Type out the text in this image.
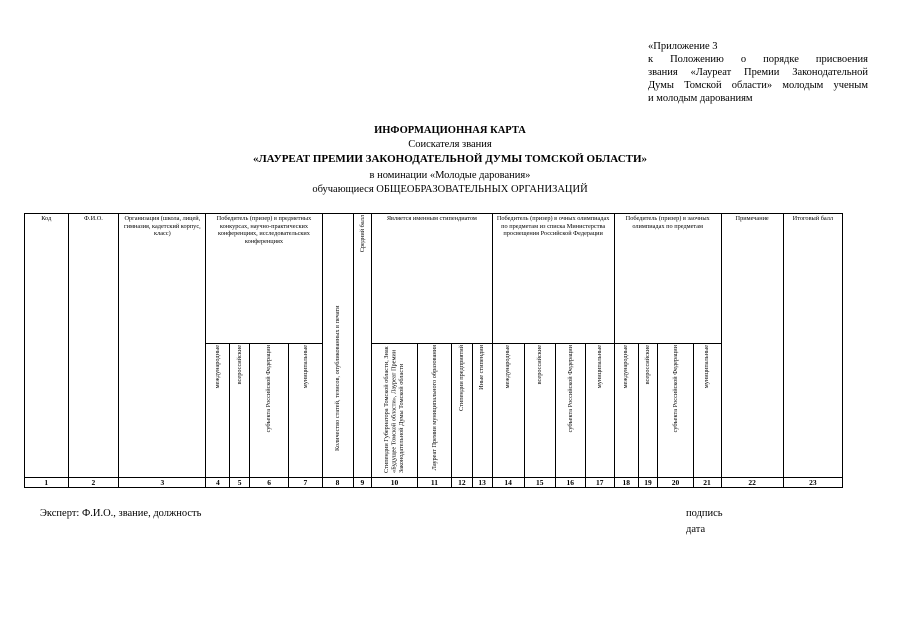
«Приложение 3
к Положению о порядке присвоения
звания «Лауреат Премии Законодательной
Думы Томской области» молодым ученым
и молодым дарованиям
ИНФОРМАЦИОННАЯ КАРТА
Соискателя звания
«ЛАУРЕАТ ПРЕМИИ ЗАКОНОДАТЕЛЬНОЙ ДУМЫ ТОМСКОЙ ОБЛАСТИ»
в номинации «Молодые дарования»
обучающиеся ОБЩЕОБРАЗОВАТЕЛЬНЫХ ОРГАНИЗАЦИЙ
Код	Ф.И.О.	Организация (школа, лицей, гимназия, кадетский корпус, класс)	Победитель (призер) в предметных конкурсах, научно-практических конференциях, исследовательских конференциях				Количество статей, тезисов, опубликованных в печати	Средний балл	Является именным стипендиатом				Победитель (призер) в очных олимпиадах по предметам из списка Министерства просвещения Российской Федерации				Победитель (призер) в заочных олимпиадах по предметам				Примечание	Итоговый балл
			международные	всероссийские	субъекта Российской Федерации	муниципальные			Стипендии Губернатора Томской области, Знак «Будущее Томской области», Лауреат Премии Законодательной Думы Томской области	Лауреат Премии муниципального образования	Стипендии предприятий	Иные стипендии	международные	всероссийские	субъекта Российской Федерации	муниципальные	международные	всероссийские	субъекта Российской Федерации	муниципальные		
1	2	3	4	5	6	7	8	9	10	11	12	13	14	15	16	17	18	19	20	21	22	23
Эксперт: Ф.И.О., звание, должность	подпись
дата
